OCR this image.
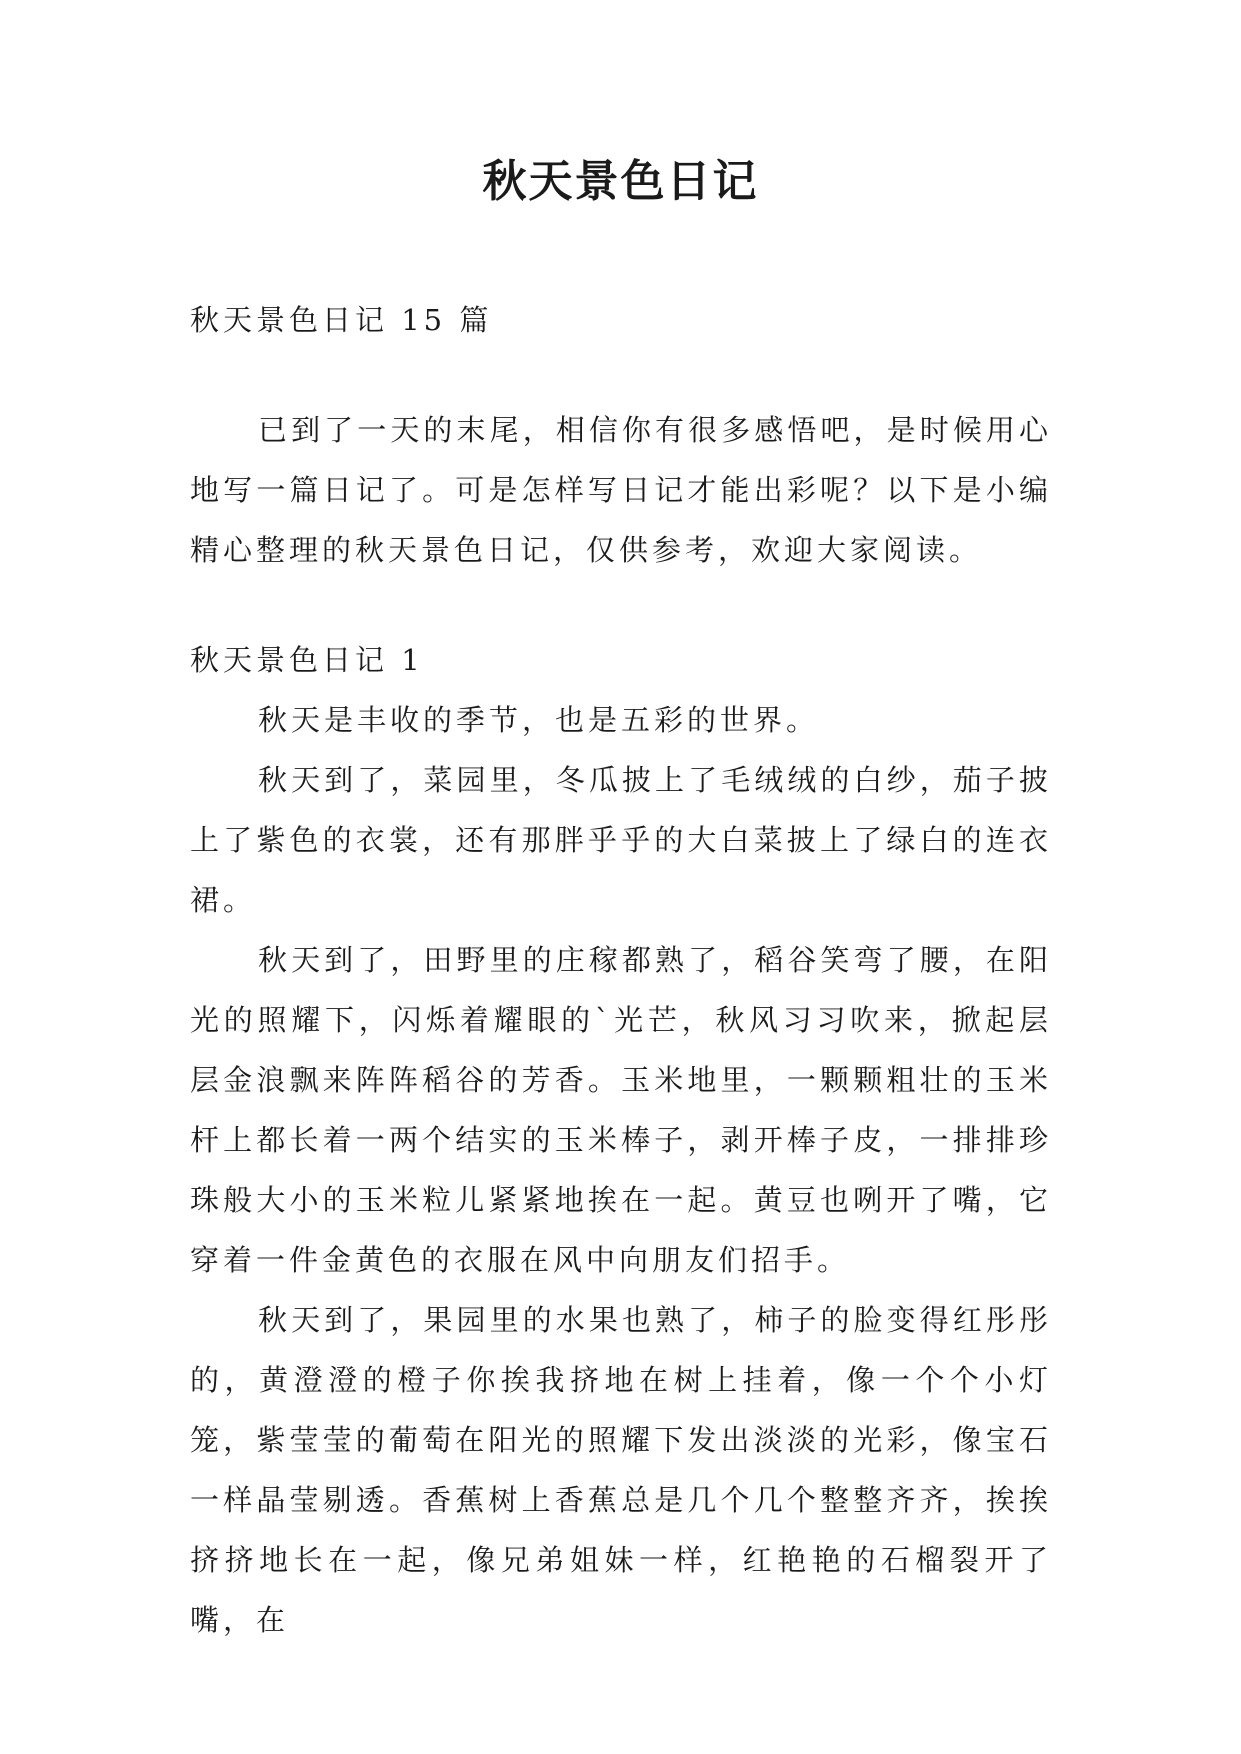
秋天景色日记

秋天景色日记 15 篇

已到了一天的末尾，相信你有很多感悟吧，是时候用心地写一篇日记了。可是怎样写日记才能出彩呢？以下是小编精心整理的秋天景色日记，仅供参考，欢迎大家阅读。

秋天景色日记 1

秋天是丰收的季节，也是五彩的世界。

秋天到了，菜园里，冬瓜披上了毛绒绒的白纱，茄子披上了紫色的衣裳，还有那胖乎乎的大白菜披上了绿白的连衣裙。

秋天到了，田野里的庄稼都熟了，稻谷笑弯了腰，在阳光的照耀下，闪烁着耀眼的`光芒，秋风习习吹来，掀起层层金浪飘来阵阵稻谷的芳香。玉米地里，一颗颗粗壮的玉米杆上都长着一两个结实的玉米棒子，剥开棒子皮，一排排珍珠般大小的玉米粒儿紧紧地挨在一起。黄豆也咧开了嘴，它穿着一件金黄色的衣服在风中向朋友们招手。

秋天到了，果园里的水果也熟了，柿子的脸变得红彤彤的，黄澄澄的橙子你挨我挤地在树上挂着，像一个个小灯笼，紫莹莹的葡萄在阳光的照耀下发出淡淡的光彩，像宝石一样晶莹剔透。香蕉树上香蕉总是几个几个整整齐齐，挨挨挤挤地长在一起，像兄弟姐妹一样，红艳艳的石榴裂开了嘴，在
